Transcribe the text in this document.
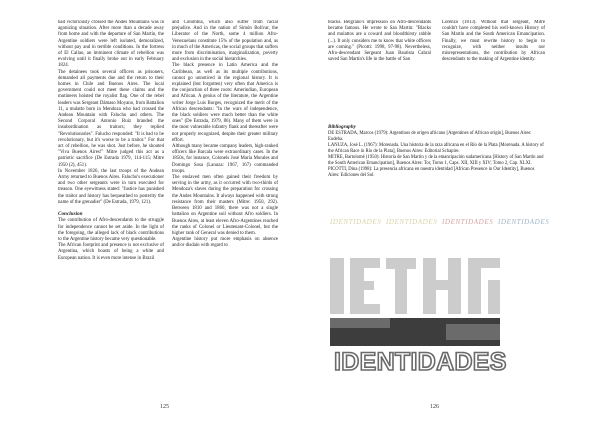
had victoriously crossed the Andes Mountains was in agonizing situation. After more than a decade away from home and with the departure of San Martín, the Argentine soldiers were left isolated, demoralized, without pay and in terrible conditions. In the fortress of El Callao, an imminent climate of rebellion was evolving until it finally broke out in early February 1824.

The detainees took several officers as prisoners, demanded all payments due and the return to their homes in Chile and Buenos Aires. The local government could not meet these claims and the mutineers hoisted the royalist flag. One of the rebel leaders was Sergeant Dámaso Moyano, from Battalion 11, a mulatto born in Mendoza who had crossed the Andean Mountain with Falucho and others. The Second Corporal Antonio Ruiz branded the insubordination as traitors; they replied "Revolutionaries". Falucho responded: "It is bad to be revolutionary, but it's worse to be a traitor." For that act of rebellion, he was shot. Just before, he shouted "Viva Buenos Aires!" Mitre judged this act as a patriotic sacrifice (De Estrada 1979, 114-115; Mitre 1950 (2), 451).

In November 1826, the last troops of the Andean Army returned to Buenos Aires. Falucho's executioner and two other sergeants were in turn executed for treason. One eyewitness stated: "Justice has punished the traitor and history has bequeathed to posterity the name of the grenadier" (De Estrada, 1979, 121).

Conclusion

The contribution of Afro-descendants to the struggle for independence cannot be set aside. In the light of the foregoing, the alleged lack of black contributions to the Argentine history became very questionable.

The African footprint and presence is not exclusive of Argentina, which boasts of being a white and European nation. It is even more intense in Brazil

and Colombia, which also suffer from racial prejudice. And in the nation of Simón Bolívar, the Liberator of the North, some 4 million Afro-Venezuelans constitute 15% of the population and, as in much of the Americas, the social groups that suffers more from discrimination, marginalization, poverty and exclusion in the social hierarchies.

The black presence in Latin America and the Caribbean, as well as its multiple contributions, cannot go unnoticed in the regional history. It is explained (but forgotten) very often that America is the conjunction of three roots: Amerindian, European and African. A genius of the literature, the Argentine writer Jorge Luis Borges, recognized the merit of the African descendants: "In the wars of independence, the black soldiers were much better than the white ones" (De Estrada, 1979, 86). Many of them were in the most vulnerable infantry flank and thereafter were not properly recognized, despite their greater military effort.

Although many became company leaders, high-ranked officers like Barcala were extraordinary cases. In the 1850s, for instance, Colonels José María Morales and Domingo Sosa (Lanuza: 1967, 167) commanded troops.

The enslaved men often gained their freedom by serving in the army, as it occurred with two-thirds of Mendoza's slaves during the preparation for crossing the Andes Mountains. It always happened with strong resistance from their masters (Mitre: 1950, 292). Between 1810 and 1860, there was not a single battalion on Argentine soil without Afro soldiers. In Buenos Aires, at least eleven Afro-Argentines reached the ranks of Colonel or Lieutenant-Colonel, but the higher rank of General was denied to them.

Argentine history put more emphasis on absence and/or disdain with regard to

125

blacks. Belgrano's impression on Afro-descendants became famous. He wrote to San Martín: "Blacks and mulattos are a coward and bloodthirsty rabble (...). It only considers me to know that white officers are coming." (Picotti: 1998, 97-98). Nevertheless, Afro-descendant Sergeant Juan Bautista Cabral saved San Martín's life in the battle of San

Lorenzo (1813). Without that sergeant, Mitre couldn't have completed his well-known History of San Martín and the South American Emancipation. Finally, we must rewrite history to begin to recognize, with neither insults nor misrepresentations, the contribution by African descendants to the making of Argentine identity.

Bibliography

DE ESTRADA, Marcos (1979): Argentinos de origen africano [Argentines of African origin], Buenos Aires: Eudeba.

LANUZA, José L. (1967): Morenada. Una historia de la raza africana en el Río de la Plata [Morenada. A history of the African Race in Río de la Plata], Buenos Aires: Editorial Schapire.

MITRE, Bartolomé (1950): Historia de San Martín y de la emancipación sudamericana [History of San Martín and the South American Emancipation], Buenos Aires: Tor, Tomo 1, Caps. XII, XIII y XIV; Tomo 2, Cap. XLXI.

PICOTTI, Dina (1998): La presencia africana en nuestra identidad [African Presence in Our Identity], Buenos Aires: Ediciones del Sol.

IDENTIDADES IDENTIDADES IDENTIDADES IDENTIDADES
IDENTIDADES
126
